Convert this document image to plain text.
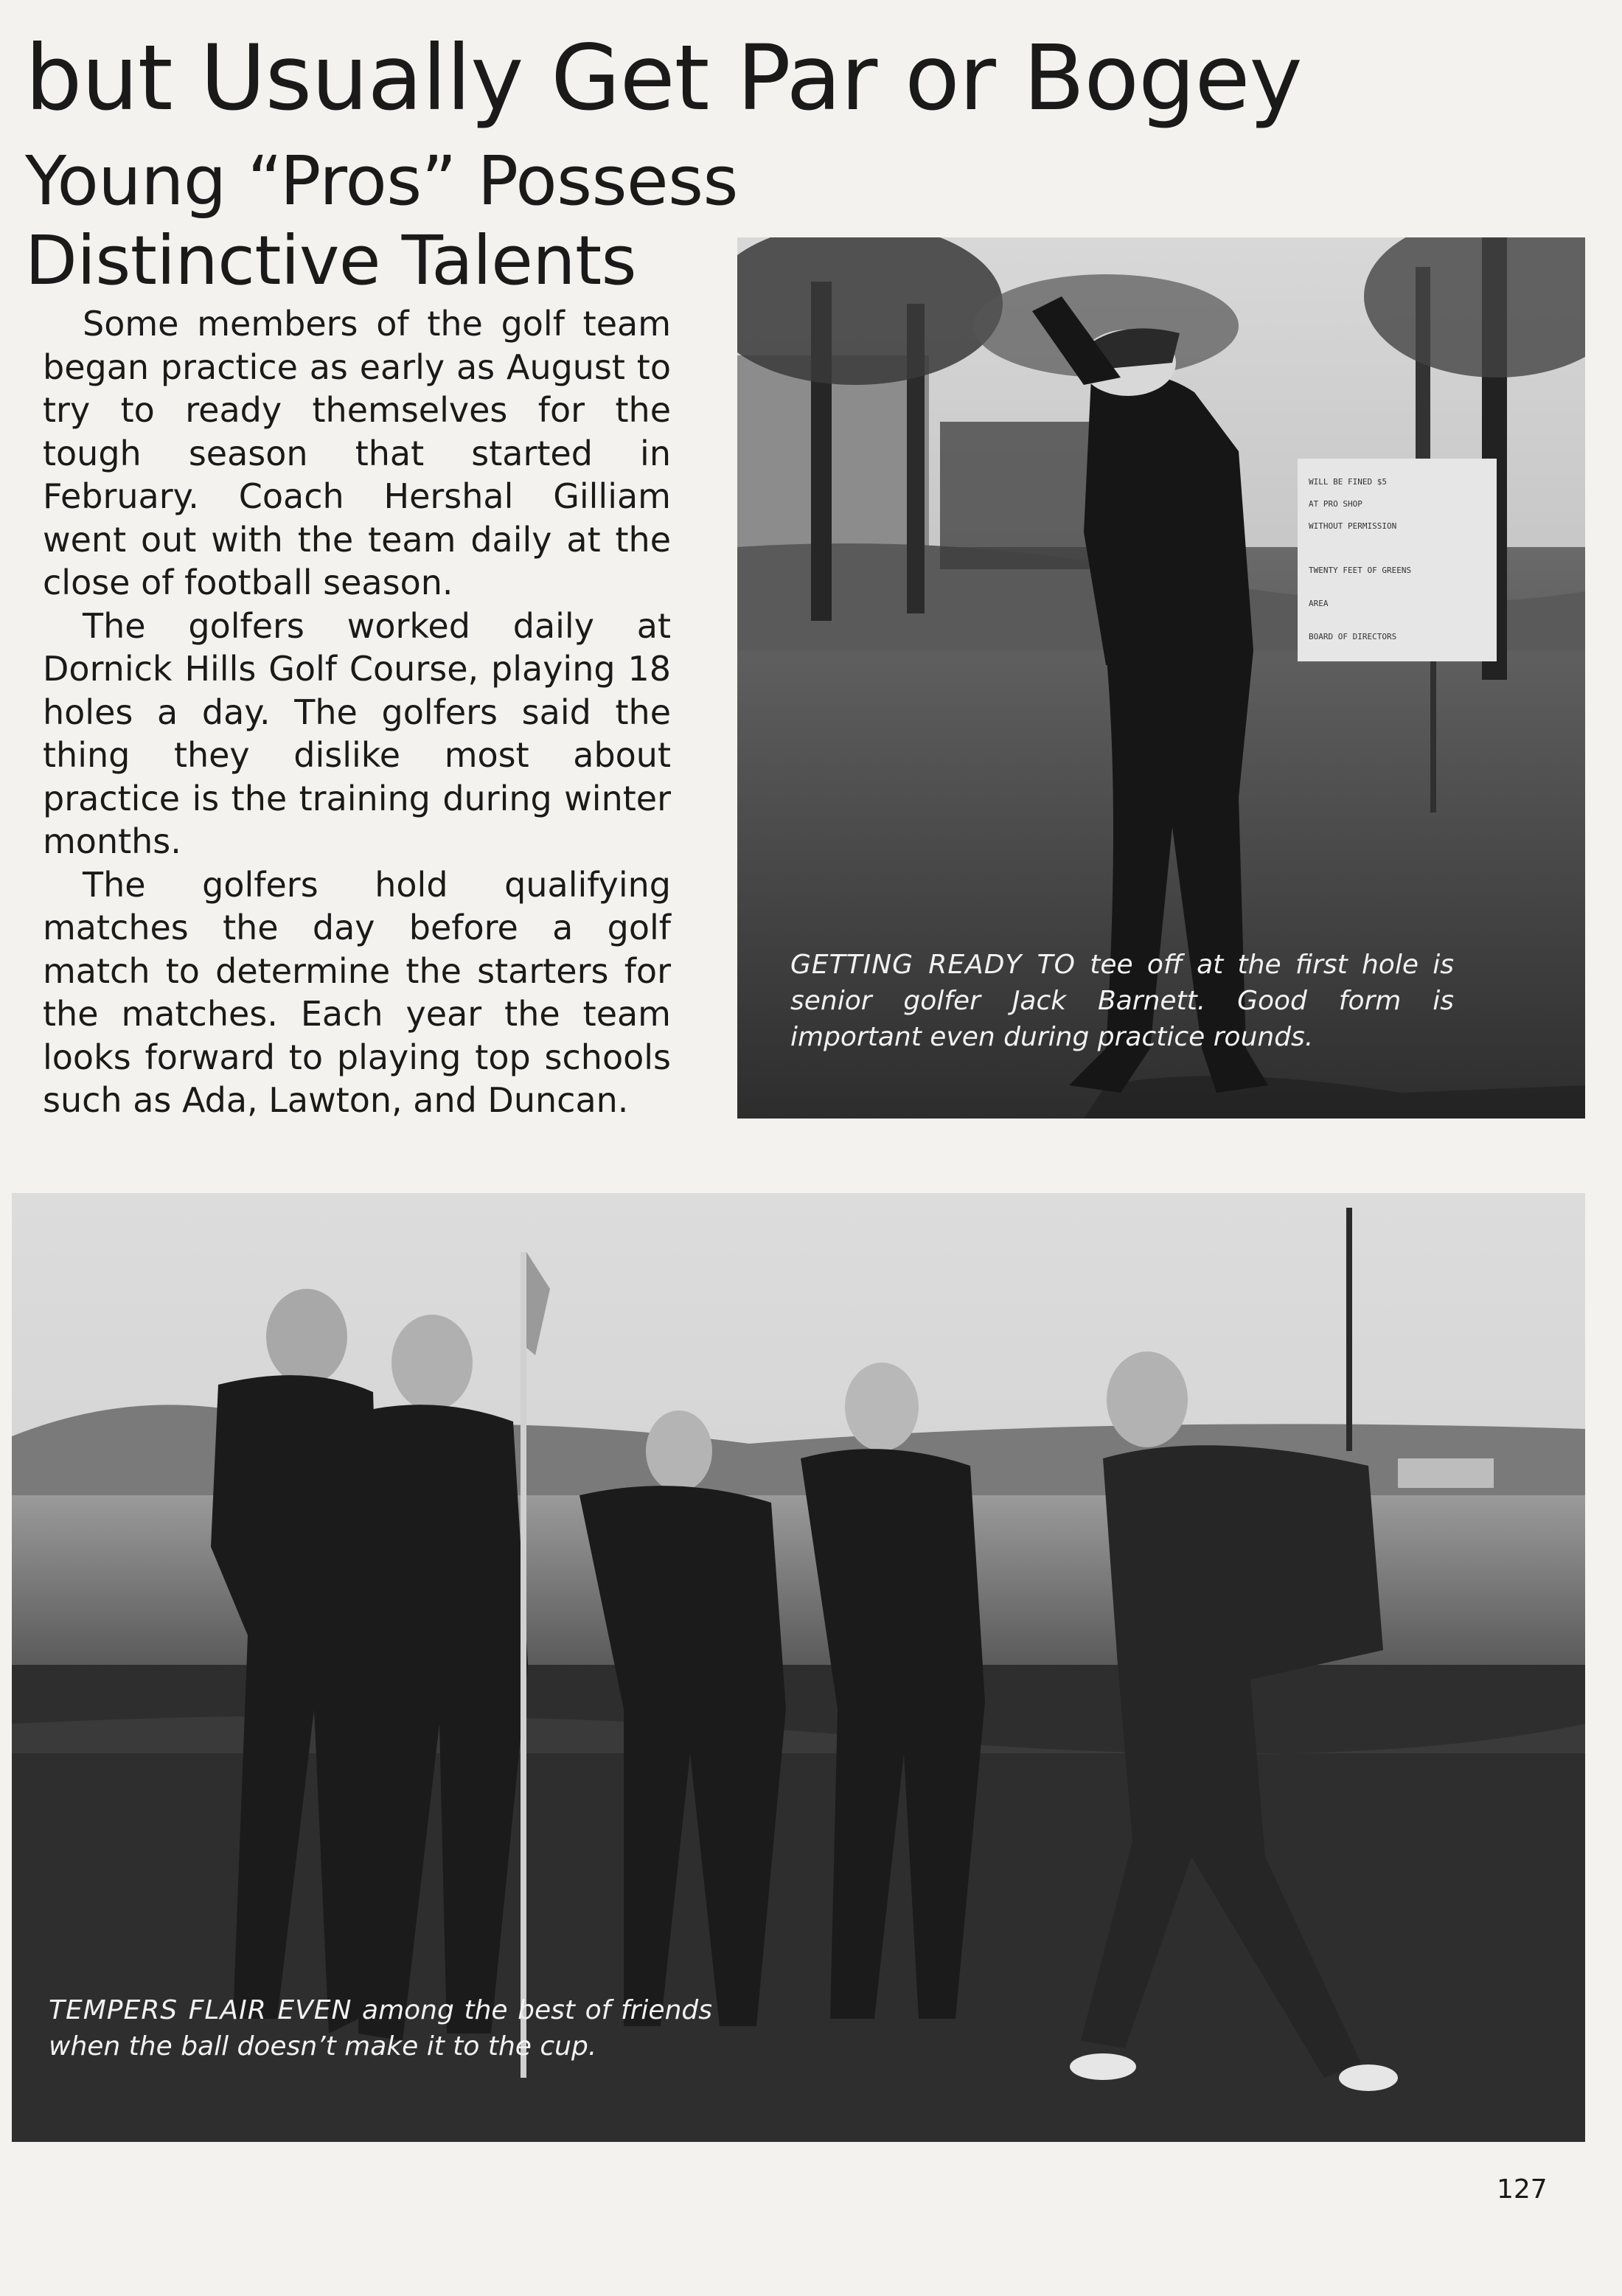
but Usually Get Par or Bogey
Young “Pros” Possess
Distinctive Talents

Some members of the golf team began practice as early as August to try to ready themselves for the tough season that started in February. Coach Hershal Gilliam went out with the team daily at the close of football season.

The golfers worked daily at Dornick Hills Golf Course, playing 18 holes a day. The golfers said the thing they dislike most about practice is the training during winter months.

The golfers hold qualifying matches the day before a golf match to determine the starters for the matches. Each year the team looks forward to playing top schools such as Ada, Lawton, and Duncan.

WILL BE FINED $5
AT PRO SHOP
WITHOUT PERMISSION
TWENTY FEET OF GREENS
AREA
BOARD OF DIRECTORS
GETTING READY TO tee off at the first hole is senior golfer Jack Barnett. Good form is important even during practice rounds.
TEMPERS FLAIR EVEN among the best of friends when the ball doesn’t make it to the cup.
127
